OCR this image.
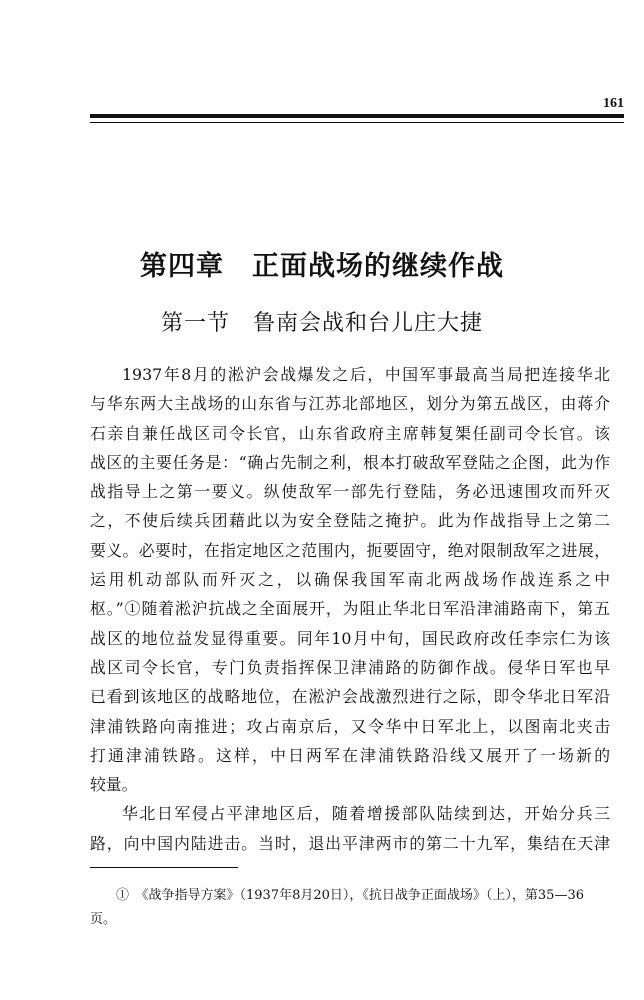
161
第四章　正面战场的继续作战
第一节　鲁南会战和台儿庄大捷
1937年8月的淞沪会战爆发之后，中国军事最高当局把连接华北
与华东两大主战场的山东省与江苏北部地区，划分为第五战区，由蒋介
石亲自兼任战区司令长官，山东省政府主席韩复榘任副司令长官。该
战区的主要任务是：“确占先制之利，根本打破敌军登陆之企图，此为作
战指导上之第一要义。纵使敌军一部先行登陆，务必迅速围攻而歼灭
之，不使后续兵团藉此以为安全登陆之掩护。此为作战指导上之第二
要义。必要时，在指定地区之范围内，扼要固守，绝对限制敌军之进展，
运用机动部队而歼灭之，以确保我国军南北两战场作战连系之中
枢。”①随着淞沪抗战之全面展开，为阻止华北日军沿津浦路南下，第五
战区的地位益发显得重要。同年10月中旬，国民政府改任李宗仁为该
战区司令长官，专门负责指挥保卫津浦路的防御作战。侵华日军也早
已看到该地区的战略地位，在淞沪会战激烈进行之际，即令华北日军沿
津浦铁路向南推进；攻占南京后，又令华中日军北上，以图南北夹击
打通津浦铁路。这样，中日两军在津浦铁路沿线又展开了一场新的
较量。
华北日军侵占平津地区后，随着增援部队陆续到达，开始分兵三
路，向中国内陆进击。当时，退出平津两市的第二十九军，集结在天津
①　《战争指导方案》（1937年8月20日），《抗日战争正面战场》（上），第35—36
页。
